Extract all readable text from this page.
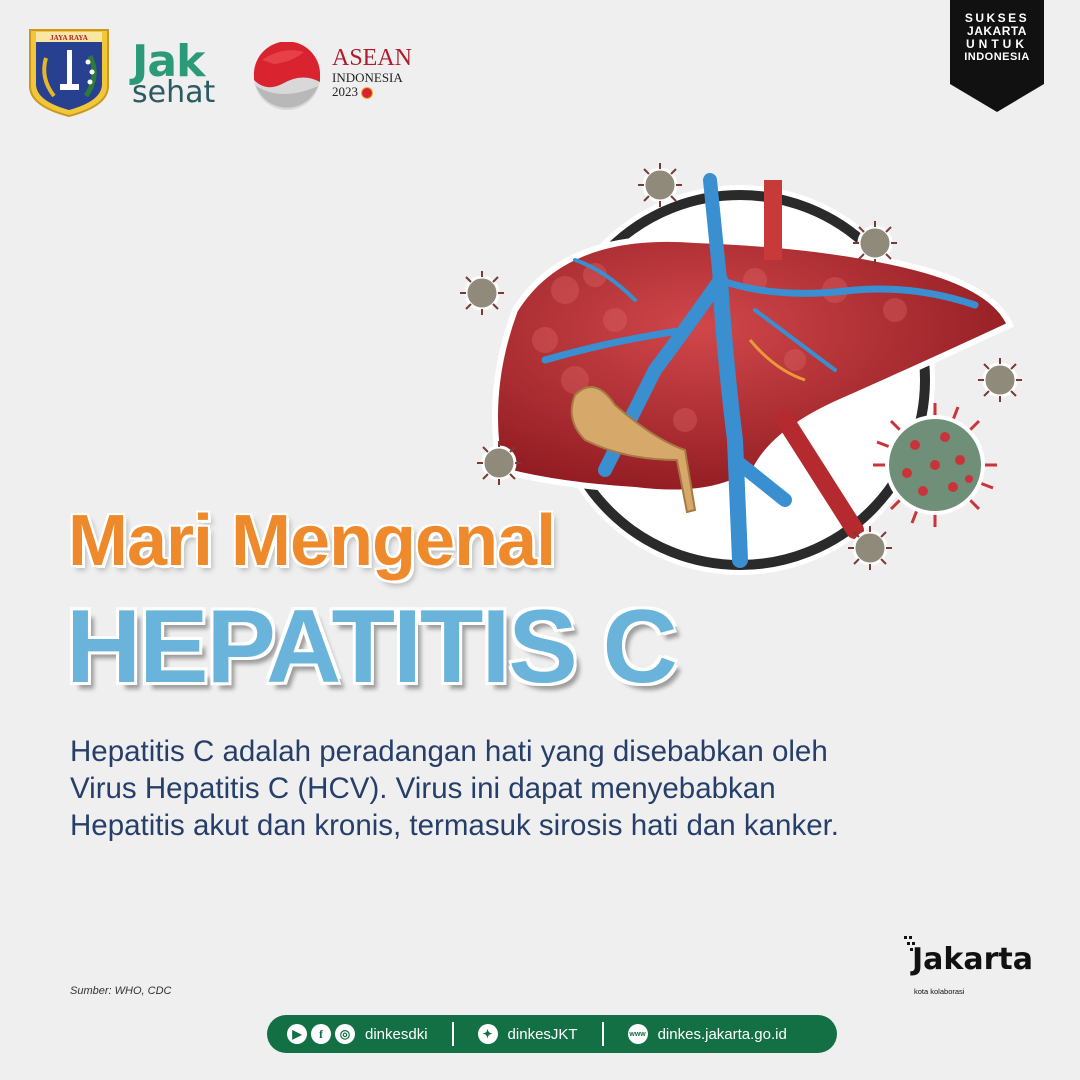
JAYA RAYA Jak
sehat
ASEAN
INDONESIA
2023
SUKSES
JAKARTA
UNTUK
INDONESIA
Mari Mengenal
HEPATITIS C
Hepatitis C adalah peradangan hati yang disebabkan oleh
Virus Hepatitis C (HCV). Virus ini dapat menyebabkan
Hepatitis akut dan kronis, termasuk sirosis hati dan kanker.
Sumber: WHO, CDC
Jakarta
kota kolaborasi
▶	f	◎ dinkesdki	✦ dinkesJKT	www dinkes.jakarta.go.id
